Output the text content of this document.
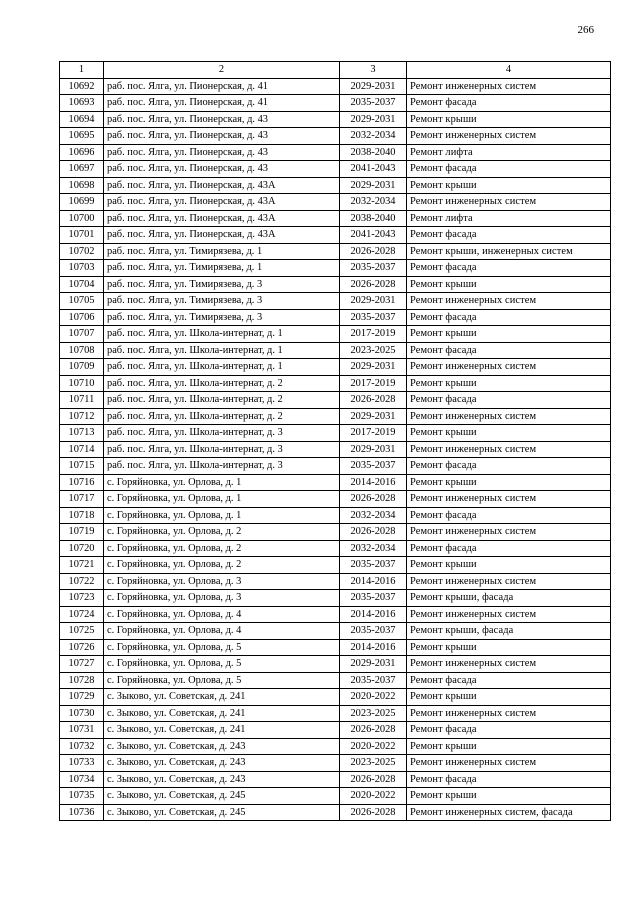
266
1	2	3	4
10692	раб. пос. Ялга, ул. Пионерская, д. 41	2029-2031	Ремонт инженерных систем
10693	раб. пос. Ялга, ул. Пионерская, д. 41	2035-2037	Ремонт фасада
10694	раб. пос. Ялга, ул. Пионерская, д. 43	2029-2031	Ремонт крыши
10695	раб. пос. Ялга, ул. Пионерская, д. 43	2032-2034	Ремонт инженерных систем
10696	раб. пос. Ялга, ул. Пионерская, д. 43	2038-2040	Ремонт лифта
10697	раб. пос. Ялга, ул. Пионерская, д. 43	2041-2043	Ремонт фасада
10698	раб. пос. Ялга, ул. Пионерская, д. 43А	2029-2031	Ремонт крыши
10699	раб. пос. Ялга, ул. Пионерская, д. 43А	2032-2034	Ремонт инженерных систем
10700	раб. пос. Ялга, ул. Пионерская, д. 43А	2038-2040	Ремонт лифта
10701	раб. пос. Ялга, ул. Пионерская, д. 43А	2041-2043	Ремонт фасада
10702	раб. пос. Ялга, ул. Тимирязева, д. 1	2026-2028	Ремонт крыши, инженерных систем
10703	раб. пос. Ялга, ул. Тимирязева, д. 1	2035-2037	Ремонт фасада
10704	раб. пос. Ялга, ул. Тимирязева, д. 3	2026-2028	Ремонт крыши
10705	раб. пос. Ялга, ул. Тимирязева, д. 3	2029-2031	Ремонт инженерных систем
10706	раб. пос. Ялга, ул. Тимирязева, д. 3	2035-2037	Ремонт фасада
10707	раб. пос. Ялга, ул. Школа-интернат, д. 1	2017-2019	Ремонт крыши
10708	раб. пос. Ялга, ул. Школа-интернат, д. 1	2023-2025	Ремонт фасада
10709	раб. пос. Ялга, ул. Школа-интернат, д. 1	2029-2031	Ремонт инженерных систем
10710	раб. пос. Ялга, ул. Школа-интернат, д. 2	2017-2019	Ремонт крыши
10711	раб. пос. Ялга, ул. Школа-интернат, д. 2	2026-2028	Ремонт фасада
10712	раб. пос. Ялга, ул. Школа-интернат, д. 2	2029-2031	Ремонт инженерных систем
10713	раб. пос. Ялга, ул. Школа-интернат, д. 3	2017-2019	Ремонт крыши
10714	раб. пос. Ялга, ул. Школа-интернат, д. 3	2029-2031	Ремонт инженерных систем
10715	раб. пос. Ялга, ул. Школа-интернат, д. 3	2035-2037	Ремонт фасада
10716	с. Горяйновка, ул. Орлова, д. 1	2014-2016	Ремонт крыши
10717	с. Горяйновка, ул. Орлова, д. 1	2026-2028	Ремонт инженерных систем
10718	с. Горяйновка, ул. Орлова, д. 1	2032-2034	Ремонт фасада
10719	с. Горяйновка, ул. Орлова, д. 2	2026-2028	Ремонт инженерных систем
10720	с. Горяйновка, ул. Орлова, д. 2	2032-2034	Ремонт фасада
10721	с. Горяйновка, ул. Орлова, д. 2	2035-2037	Ремонт крыши
10722	с. Горяйновка, ул. Орлова, д. 3	2014-2016	Ремонт инженерных систем
10723	с. Горяйновка, ул. Орлова, д. 3	2035-2037	Ремонт крыши, фасада
10724	с. Горяйновка, ул. Орлова, д. 4	2014-2016	Ремонт инженерных систем
10725	с. Горяйновка, ул. Орлова, д. 4	2035-2037	Ремонт крыши, фасада
10726	с. Горяйновка, ул. Орлова, д. 5	2014-2016	Ремонт крыши
10727	с. Горяйновка, ул. Орлова, д. 5	2029-2031	Ремонт инженерных систем
10728	с. Горяйновка, ул. Орлова, д. 5	2035-2037	Ремонт фасада
10729	с. Зыково, ул. Советская, д. 241	2020-2022	Ремонт крыши
10730	с. Зыково, ул. Советская, д. 241	2023-2025	Ремонт инженерных систем
10731	с. Зыково, ул. Советская, д. 241	2026-2028	Ремонт фасада
10732	с. Зыково, ул. Советская, д. 243	2020-2022	Ремонт крыши
10733	с. Зыково, ул. Советская, д. 243	2023-2025	Ремонт инженерных систем
10734	с. Зыково, ул. Советская, д. 243	2026-2028	Ремонт фасада
10735	с. Зыково, ул. Советская, д. 245	2020-2022	Ремонт крыши
10736	с. Зыково, ул. Советская, д. 245	2026-2028	Ремонт инженерных систем, фасада
